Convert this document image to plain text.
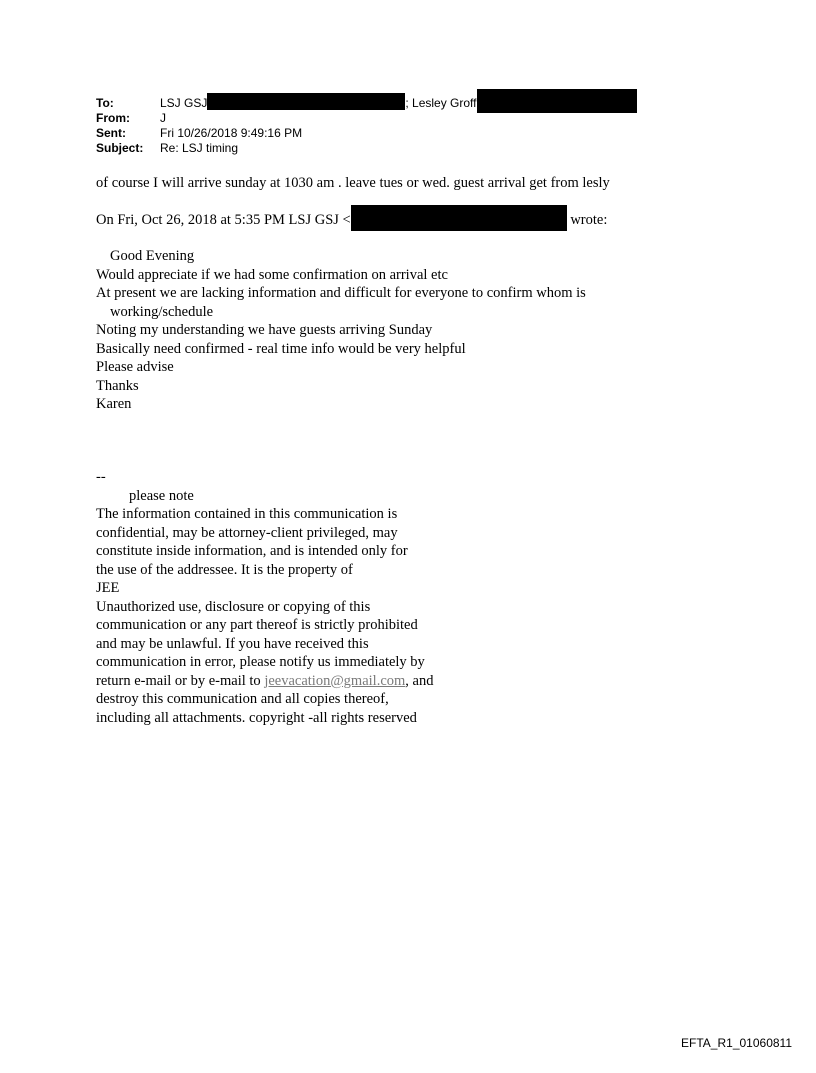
To:	LSJ GSJ	; Lesley Groff
From:	J
Sent:	Fri 10/26/2018 9:49:16 PM
Subject: Re: LSJ timing
of course I will arrive sunday at 1030 am . leave tues or wed. guest arrival get from lesly
On Fri, Oct 26, 2018 at 5:35 PM LSJ GSJ <	wrote:
Good Evening
Would appreciate if we had some confirmation on arrival etc
At present we are lacking information and difficult for everyone to confirm whom is
working/schedule
Noting my understanding we have guests arriving Sunday
Basically need confirmed - real time info would be very helpful
Please advise
Thanks
Karen
--
please note
The information contained in this communication is
confidential, may be attorney-client privileged, may
constitute inside information, and is intended only for
the use of the addressee. It is the property of
JEE
Unauthorized use, disclosure or copying of this
communication or any part thereof is strictly prohibited
and may be unlawful. If you have received this
communication in error, please notify us immediately by
return e-mail or by e-mail to jeevacation@gmail.com, and
destroy this communication and all copies thereof,
including all attachments. copyright -all rights reserved
EFTA_R1_01060811
